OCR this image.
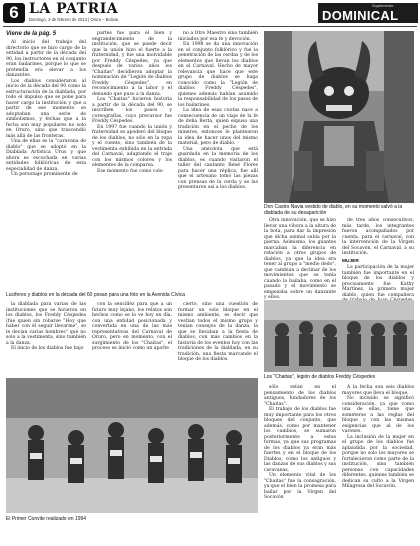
6 LA PATRIA
Domingo, 3 de febrero de 2013 | Oruro – Bolivia
Suplemento
DOMINICAL
Viene de la pág. 5

Al inicio del trabajo del directorio que se hizo cargo de la entidad a partir de la década del 90, los instructores en el conjunto eran bailarines, porque lo que se pretendía era elevar a los danzantes.

Los diablos consideraron al inicio de la década del 90 como la estructuración de la diablada, por todo el impulso que se pone para hacer cargo la institución y que a partir de ese momento se adoptaban una serie de simbolismos, y fechas que a la fecha son muy populares no solo en Oruro, sino que trascendió más allá de las fronteras.

Una de ellas es la "caravana de diablo" que se adoptó en la Diablada Artística Urus y que ahora es escuchada en varias entidades folklóricas de esta especialidad de danza.

Un personaje prominente de

partes fue para el bien y engrandecimiento de la institución, que se puede decir que la unión hizo el fuerte a la fraternidad, y fue una inolvidable por Freddy Céspedes, ya que después de varios años los "Chaitas" decidieron adoptar la nominación de "Legión de diablos Freddy Céspedes", en reconocimiento a la labor y el denuedo que puso a la danza.

Los "Chaitas" hicieron historia a partir de la década del 90, se inscriben los pasos y coreografías, cuyo precursor fue Freddy Céspedes.

En 1997 fue cuando la unión y fraternidad se apoderó del bloque de los diablos, no sólo en la ropa y el cuento, sino también de la vestimenta exhibida en la entrada del Carnaval, adaptando el traje con los mismos colores y los elementos de la comparsa.

Ese momento fue como colo-

no a Otro Maestro sino también iniciados por esa fe y devoción.

En 1998 se da una innovación en el conjunto folklórico y fue la penetración de las cerdas y de los elementos que llevan los diablos en el Carnaval. Hecho de mayor relevancia que hace que este grupo de diablos se haga conocido como la "Legión de diablos Freddy Céspedes", quienes además habían asumido la responsabilidad de los pasos de los bailarines.

La idea de esas cuotas nace a consecuencia de un viaje de la fe de doña Berta, quien expuso una tradición en el pecho de los mineros, entonces le plantearon la idea de hacer unos del mismo material, pero de diablo.

Una anécdota que está guardada en la memoria de los diablos, es cuando visitaron el taller del cantante René Flores para hacer una réplica, fue allí que el artesano tomó las piezas con prensas de la cerda y se las presentaron así a los diablos.

Don Castro Navia vestido de diablo, en su momento salvó a la diablada de su desaparición

Otra innovación, que se hizo llevar una vibora a la altura de la bota, para dar la impresión que dicha animal subía por la pierna. Asimismo, los guantes marcaban la diferencia en relación a otros grupos de diablos, ya que la idea era tener al grupo a "medio dedo", que cambian a declinar de los movimientos que se tenía cuando la bailaba, como en el pasado y el movimiento se empezaba sobre un danzante y ellos.

de tres años consecutivos, más tarde, los integrantes fueron acompañados por cuenta, para el carnaval, con la intervención de la Virgen del Socavón, el Carnaval, a su institución.

MUJER

La participación de la mujer también fue importante en el bloque de los diablos y precisamente fue Kathy Martínez, la primera mujer diablo, quien fue compañera

Luciferes y diablos en la década del 60 posan para una foto en la Avenida Cívica

la diablada para varias de las instituciones que se hicieron en los diablos, los Freddy Céspedes (fue quien sin robarse "Hoy que haber con él seguir llevarme", se le decían varias hombres" que no solo a la vestimenta, sino también a la danza.

El inicio de los diablos fue bajo

con la sencillez para que a un futuro muy lejano, los relatos son hechos como se lo ve hoy en día, con una entidad posicionada y convertida en una de las más representativas del Carnaval de Oruro, pero en momento, con el surgimiento de los "Chaitas", el proceso se inició como un aporte

cierto, sino una cuestión de formar un solo bloque en el mismo ambiente, es decir que vestían todos el mismo grupo y tenían consejos de la danza, la que se llevaban a la fiesta de diablos, con más cambios en la historia de los eventos hoy con las tradiciones de la diablada, en su tradición, una fiesta marcando el bloque de los diablos.

El Primer Convite realizado en 1994
Los "Chaitas", legión de diablos Freddy Céspedes

sólo están en el pensamiento de los diablos antiguos, fundadores de los "Chaitas".

El trabajo de los diablos fue muy importante para los otros bloques del conjunto, que además, como por mantener los cambios, se sumaron posteriormente a estas formas, ya que sus programas de los diablos ya eran más fuertes y en el bloque de los Diablos, como los antiguos y las danzas de sus diablos y sus caravanas.

Un elemento vital de los "Chaitas" fue la consagración, ya que el bien la promesa para bailar por la Virgen del Socavón

A la fecha son seis diablos mayores que lleva el bloque.

No incluido se significó consideración, ya que como una de ellas, tiene que someterse a las reglas del bloque y con las mismas exigencias que al de los varones.

La inclusión de la mujer en el grupo de los diablos fue aplaudida por la sociedad, porque no solo los mayores se fortalecieron como parte de la institución, sino también personas con capacidades diferentes, quienes también se dedican su culto a la Virgen Milagrosa del Socavón.
